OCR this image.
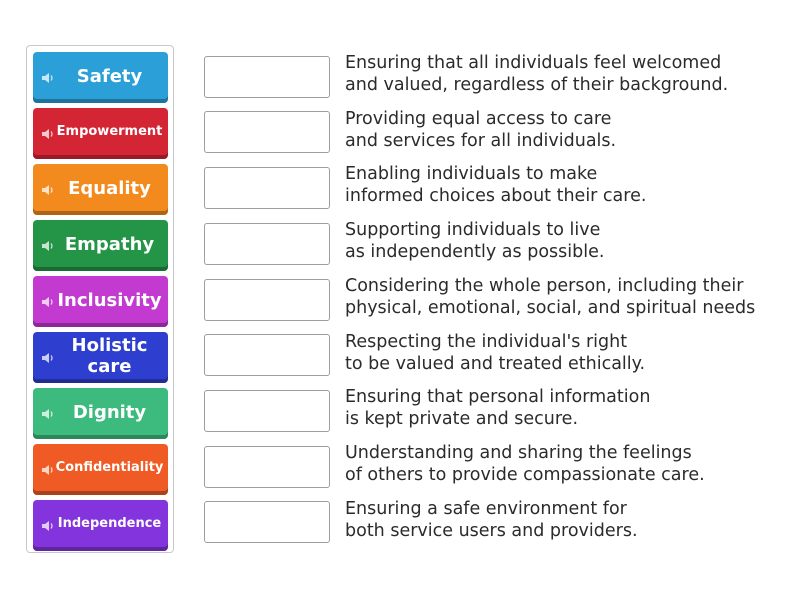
Safety
Empowerment
Equality
Empathy
Inclusivity
Holistic
care
Dignity
Confidentiality
Independence
Ensuring that all individuals feel welcomed
and valued, regardless of their background.
Providing equal access to care
and services for all individuals.
Enabling individuals to make
informed choices about their care.
Supporting individuals to live
as independently as possible.
Considering the whole person, including their
physical, emotional, social, and spiritual needs
Respecting the individual's right
to be valued and treated ethically.
Ensuring that personal information
is kept private and secure.
Understanding and sharing the feelings
of others to provide compassionate care.
Ensuring a safe environment for
both service users and providers.
